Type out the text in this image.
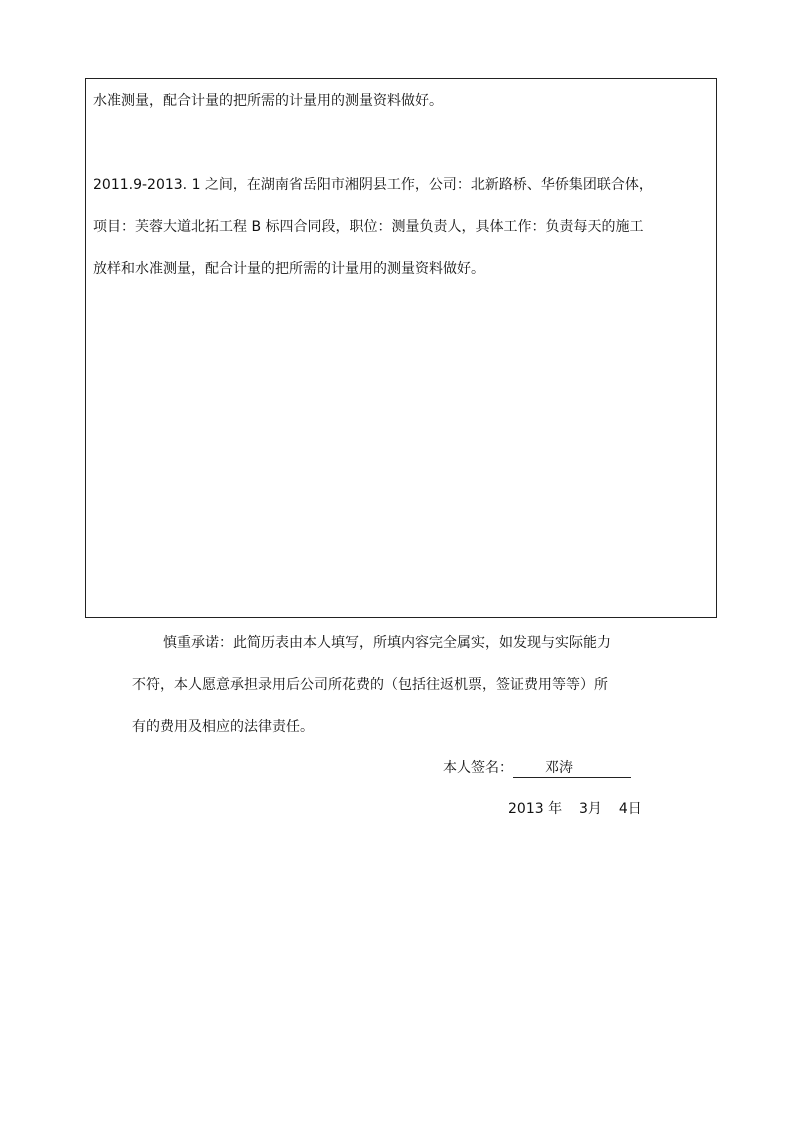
水准测量，配合计量的把所需的计量用的测量资料做好。
2011.9-2013. 1 之间，在湖南省岳阳市湘阴县工作，公司：北新路桥、华侨集团联合体，
项目：芙蓉大道北拓工程 B 标四合同段，职位：测量负责人，具体工作：负责每天的施工
放样和水准测量，配合计量的把所需的计量用的测量资料做好。
慎重承诺：此简历表由本人填写，所填内容完全属实，如发现与实际能力
不符，本人愿意承担录用后公司所花费的（包括往返机票，签证费用等等）所
有的费用及相应的法律责任。
本人签名： 邓涛
2013 年 3月 4日
